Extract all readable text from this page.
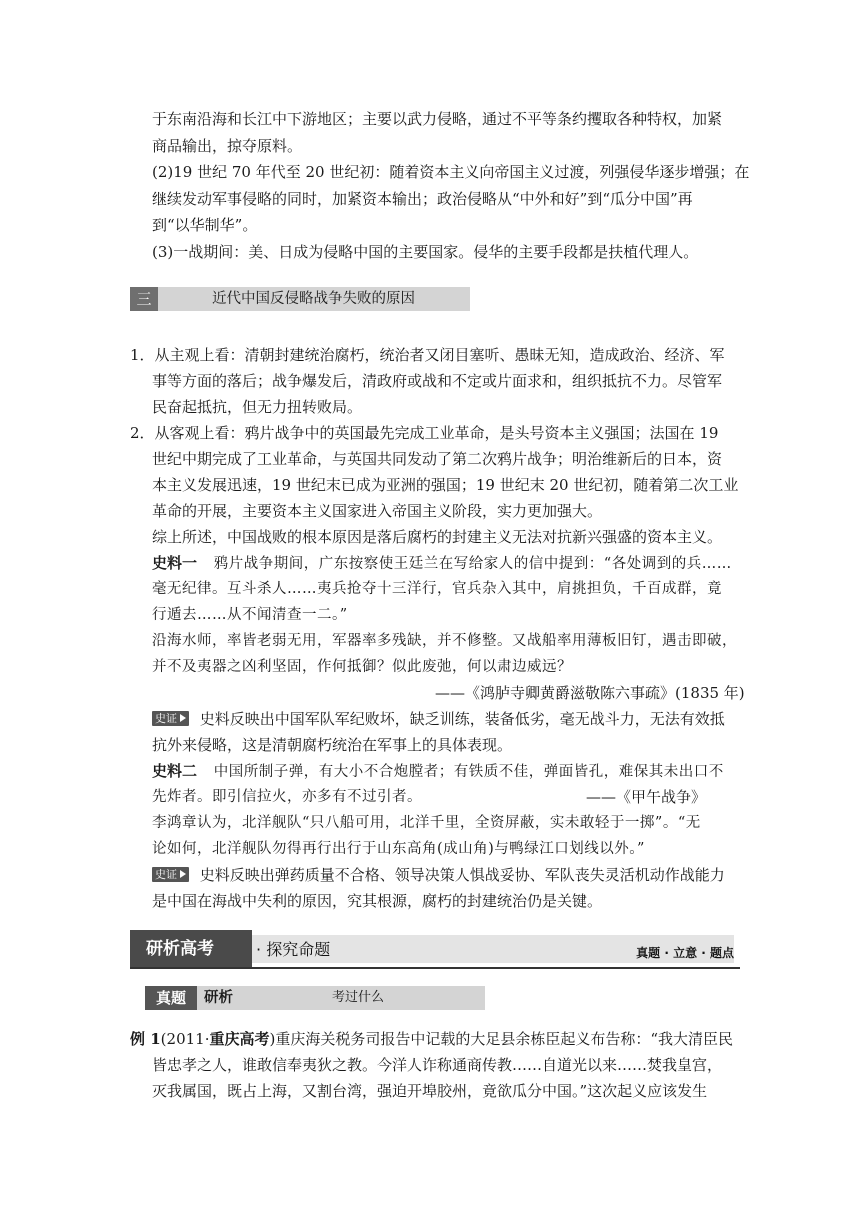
于东南沿海和长江中下游地区；主要以武力侵略，通过不平等条约攫取各种特权，加紧
商品输出，掠夺原料。
(2)19 世纪 70 年代至 20 世纪初：随着资本主义向帝国主义过渡，列强侵华逐步增强；在
继续发动军事侵略的同时，加紧资本输出；政治侵略从“中外和好”到“瓜分中国”再
到“以华制华”。
(3)一战期间：美、日成为侵略中国的主要国家。侵华的主要手段都是扶植代理人。
三	近代中国反侵略战争失败的原因
1．从主观上看：清朝封建统治腐朽，统治者又闭目塞听、愚昧无知，造成政治、经济、军
事等方面的落后；战争爆发后，清政府或战和不定或片面求和，组织抵抗不力。尽管军
民奋起抵抗，但无力扭转败局。
2．从客观上看：鸦片战争中的英国最先完成工业革命，是头号资本主义强国；法国在 19
世纪中期完成了工业革命，与英国共同发动了第二次鸦片战争；明治维新后的日本，资
本主义发展迅速，19 世纪末已成为亚洲的强国；19 世纪末 20 世纪初，随着第二次工业
革命的开展，主要资本主义国家进入帝国主义阶段，实力更加强大。
综上所述，中国战败的根本原因是落后腐朽的封建主义无法对抗新兴强盛的资本主义。
史料一 鸦片战争期间，广东按察使王廷兰在写给家人的信中提到：“各处调到的兵……
毫无纪律。互斗杀人……夷兵抢夺十三洋行，官兵杂入其中，肩挑担负，千百成群，竟
行遁去……从不闻清查一二。”
沿海水师，率皆老弱无用，军器率多残缺，并不修整。又战船率用薄板旧钉，遇击即破，
并不及夷器之凶利坚固，作何抵御？似此废弛，何以肃边威远？
——《鸿胪寺卿黄爵滋敬陈六事疏》(1835 年)
史证 史料反映出中国军队军纪败坏，缺乏训练，装备低劣，毫无战斗力，无法有效抵
抗外来侵略，这是清朝腐朽统治在军事上的具体表现。
史料二 中国所制子弹，有大小不合炮膛者；有铁质不佳，弹面皆孔，难保其未出口不
先炸者。即引信拉火，亦多有不过引者。	——《甲午战争》
李鸿章认为，北洋舰队“只八船可用，北洋千里，全资屏蔽，实未敢轻于一掷”。“无
论如何，北洋舰队勿得再行出行于山东高角(成山角)与鸭绿江口划线以外。”
史证 史料反映出弹药质量不合格、领导决策人惧战妥协、军队丧失灵活机动作战能力
是中国在海战中失利的原因，究其根源，腐朽的封建统治仍是关键。
研析高考	· 探究命题	真题 · 立意 · 题点
真题	研析	考过什么
例 1(2011·重庆高考)重庆海关税务司报告中记载的大足县余栋臣起义布告称：“我大清臣民
皆忠孝之人，谁敢信奉夷狄之教。今洋人诈称通商传教……自道光以来……焚我皇宫，
灭我属国，既占上海，又割台湾，强迫开埠胶州，竟欲瓜分中国。”这次起义应该发生
